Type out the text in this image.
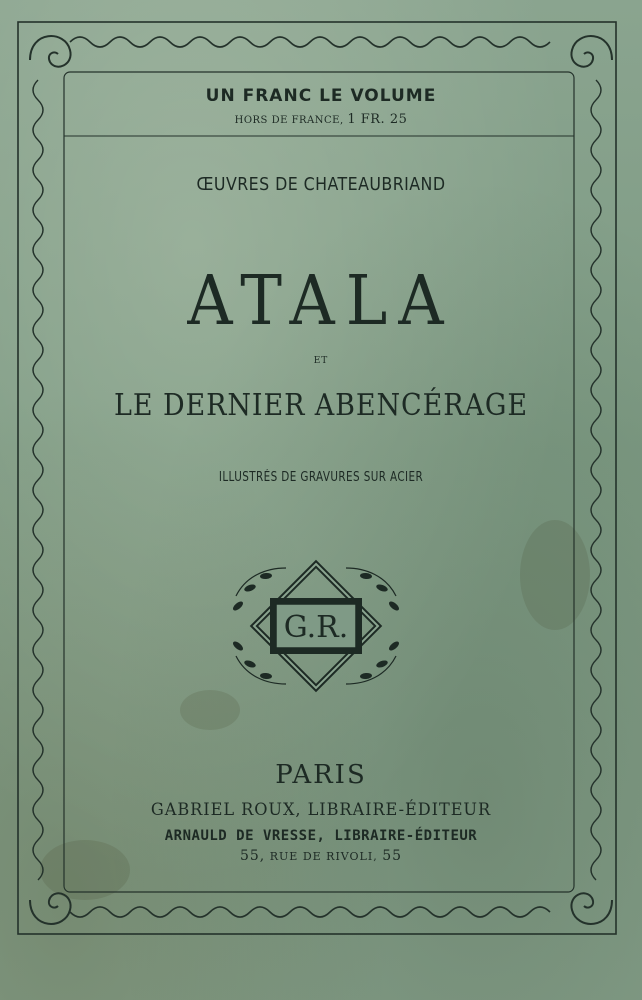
G.R.
UN FRANC LE VOLUME
HORS DE FRANCE, 1 FR. 25
ŒUVRES DE CHATEAUBRIAND
ATALA
ET
LE DERNIER ABENCÉRAGE
ILLUSTRÉS DE GRAVURES SUR ACIER
PARIS
GABRIEL ROUX, LIBRAIRE-ÉDITEUR
ARNAULD DE VRESSE, LIBRAIRE-ÉDITEUR
55, RUE DE RIVOLI, 55
